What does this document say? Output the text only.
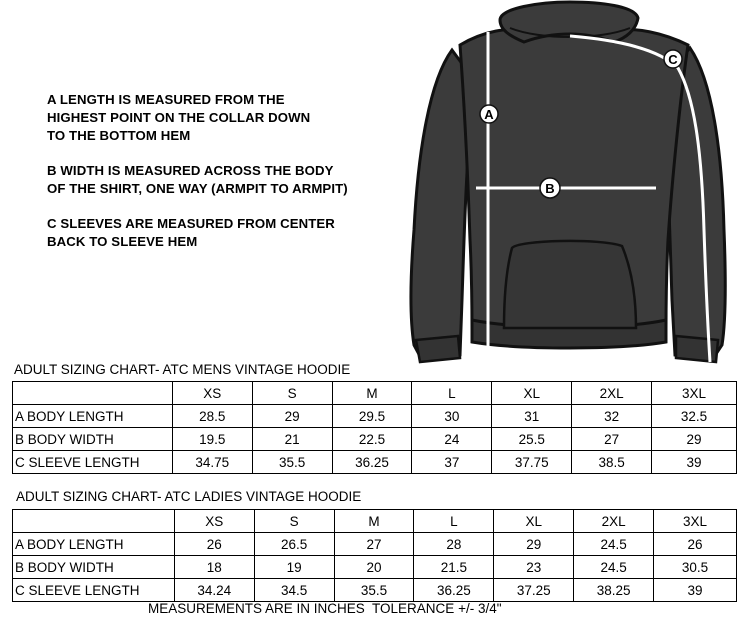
A LENGTH IS MEASURED FROM THE
HIGHEST POINT ON THE COLLAR DOWN
TO THE BOTTOM HEM

B WIDTH IS MEASURED ACROSS THE BODY
OF THE SHIRT, ONE WAY (ARMPIT TO ARMPIT)

C SLEEVES ARE MEASURED FROM CENTER
BACK TO SLEEVE HEM

A
B
C
ADULT SIZING CHART- ATC MENS VINTAGE HOODIE
	XS	S	M	L	XL	2XL	3XL
A BODY LENGTH	28.5	29	29.5	30	31	32	32.5
B BODY WIDTH	19.5	21	22.5	24	25.5	27	29
C SLEEVE LENGTH	34.75	35.5	36.25	37	37.75	38.5	39
ADULT SIZING CHART- ATC LADIES VINTAGE HOODIE
	XS	S	M	L	XL	2XL	3XL
A BODY LENGTH	26	26.5	27	28	29	24.5	26
B BODY WIDTH	18	19	20	21.5	23	24.5	30.5
C SLEEVE LENGTH	34.24	34.5	35.5	36.25	37.25	38.25	39
MEASUREMENTS ARE IN INCHES  TOLERANCE +/- 3/4"
